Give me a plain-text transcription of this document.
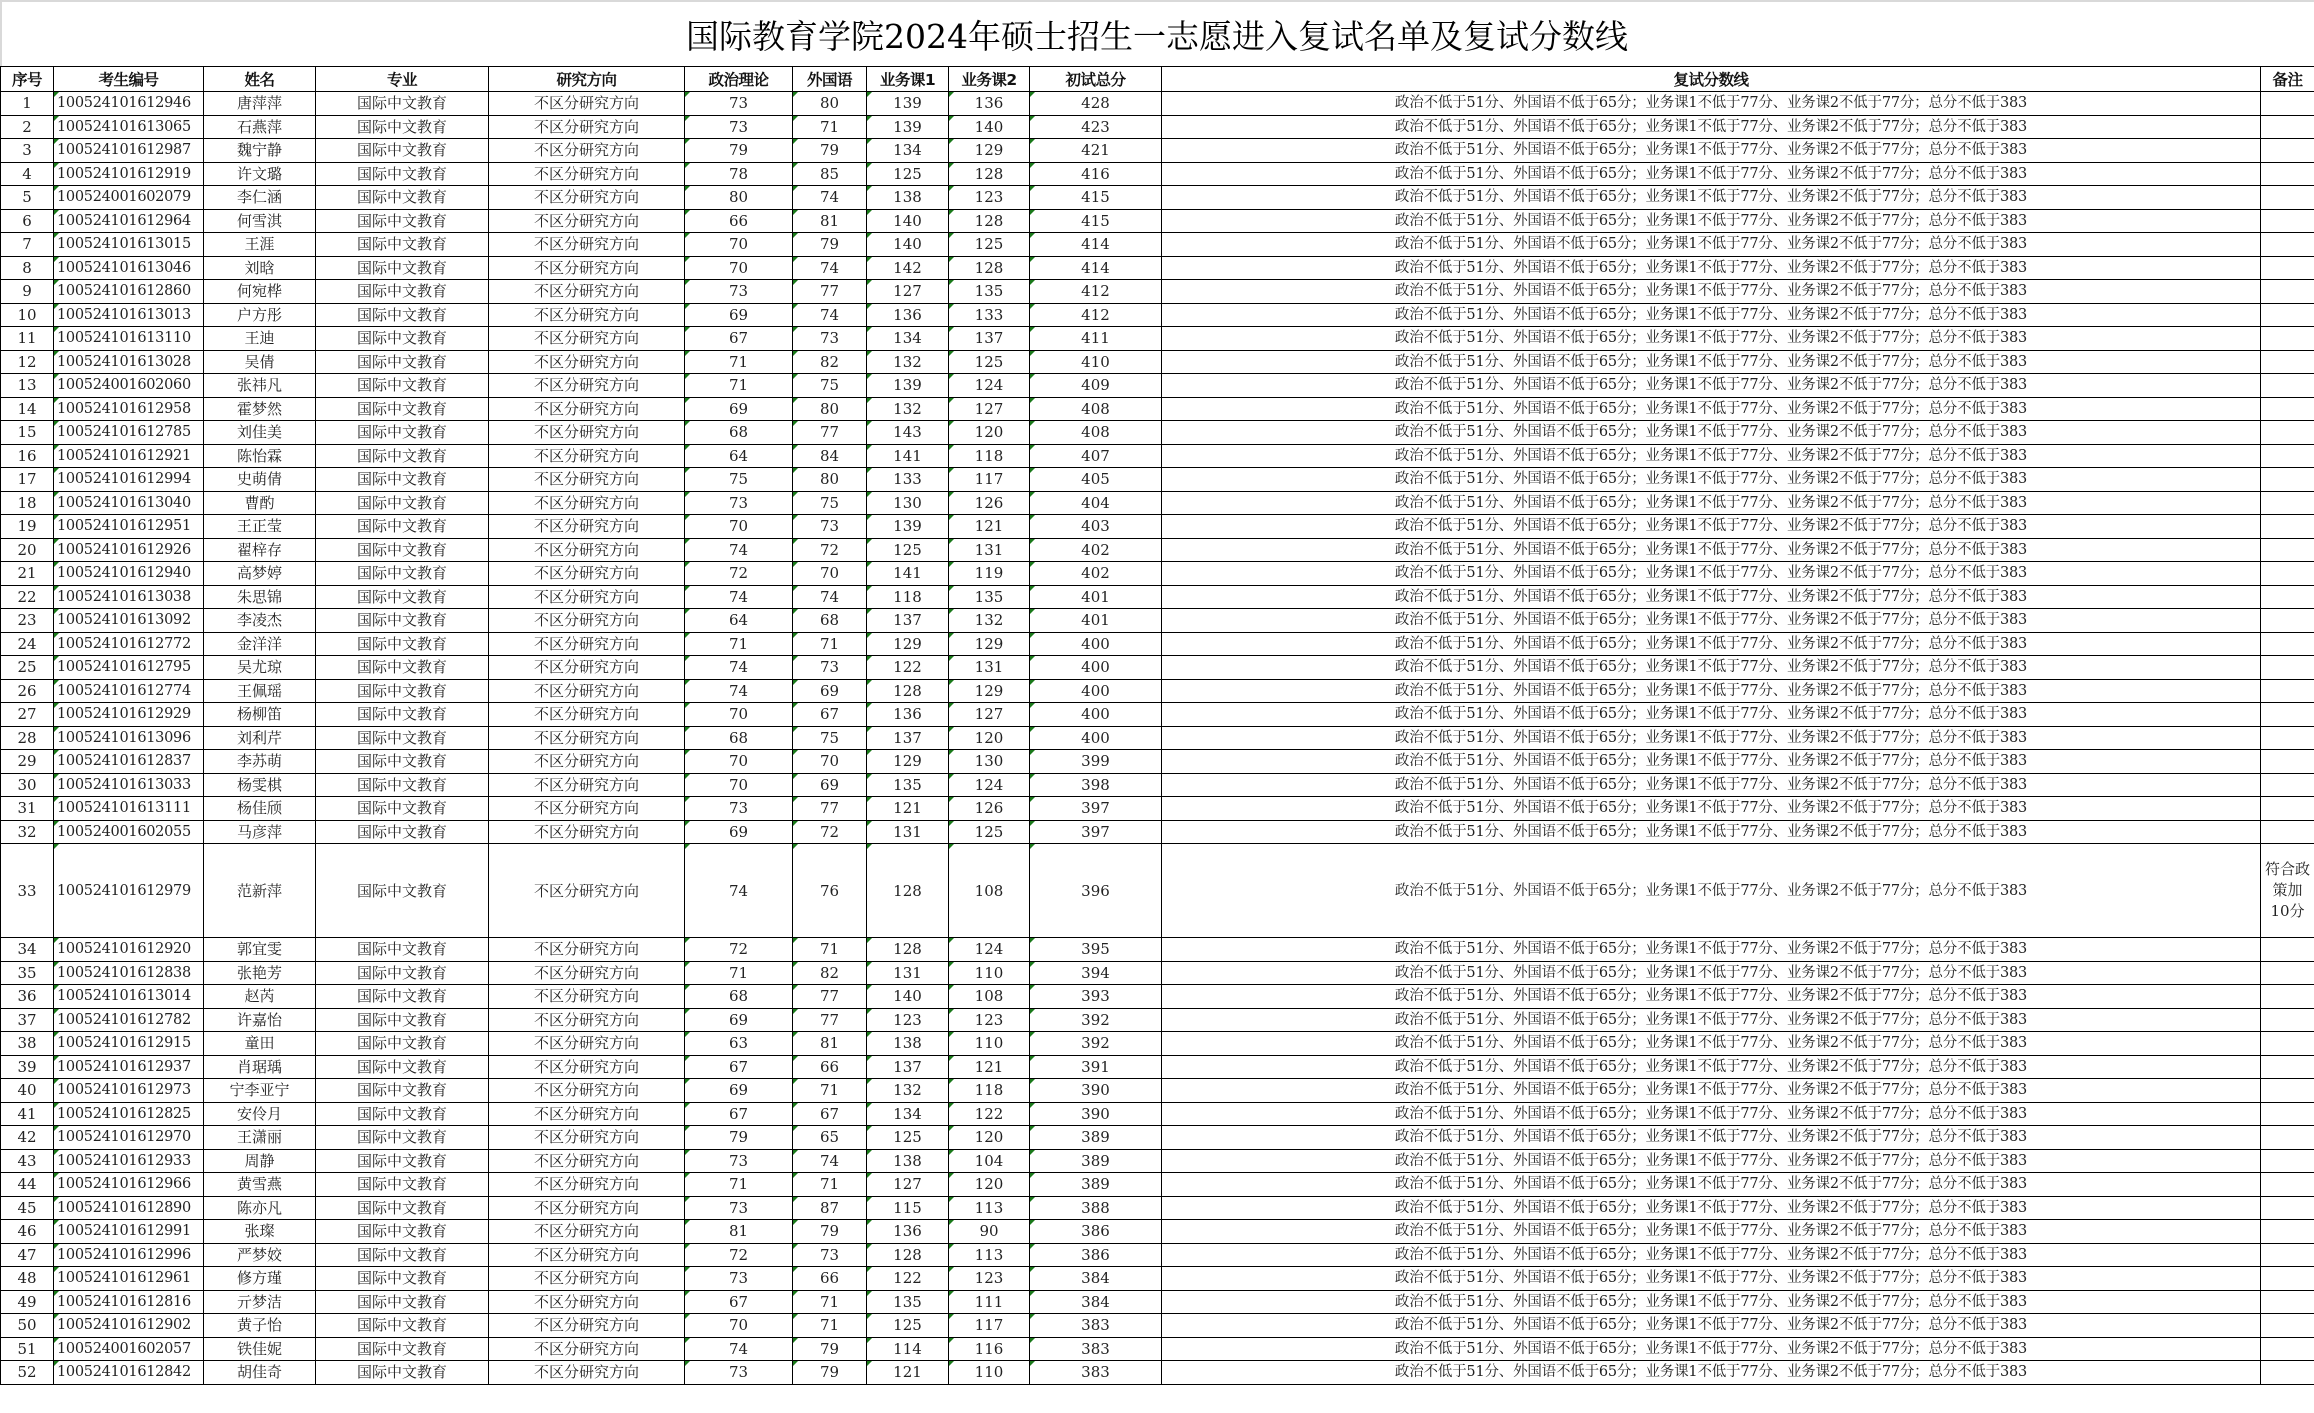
国际教育学院2024年硕士招生一志愿进入复试名单及复试分数线
序号	考生编号	姓名	专业	研究方向	政治理论	外国语	业务课1	业务课2	初试总分	复试分数线	备注
1	100524101612946	唐萍萍	国际中文教育	不区分研究方向	73	80	139	136	428	政治不低于51分、外国语不低于65分；业务课1不低于77分、业务课2不低于77分；总分不低于383	
2	100524101613065	石燕萍	国际中文教育	不区分研究方向	73	71	139	140	423	政治不低于51分、外国语不低于65分；业务课1不低于77分、业务课2不低于77分；总分不低于383	
3	100524101612987	魏宁静	国际中文教育	不区分研究方向	79	79	134	129	421	政治不低于51分、外国语不低于65分；业务课1不低于77分、业务课2不低于77分；总分不低于383	
4	100524101612919	许文璐	国际中文教育	不区分研究方向	78	85	125	128	416	政治不低于51分、外国语不低于65分；业务课1不低于77分、业务课2不低于77分；总分不低于383	
5	100524001602079	李仁涵	国际中文教育	不区分研究方向	80	74	138	123	415	政治不低于51分、外国语不低于65分；业务课1不低于77分、业务课2不低于77分；总分不低于383	
6	100524101612964	何雪淇	国际中文教育	不区分研究方向	66	81	140	128	415	政治不低于51分、外国语不低于65分；业务课1不低于77分、业务课2不低于77分；总分不低于383	
7	100524101613015	王涯	国际中文教育	不区分研究方向	70	79	140	125	414	政治不低于51分、外国语不低于65分；业务课1不低于77分、业务课2不低于77分；总分不低于383	
8	100524101613046	刘晗	国际中文教育	不区分研究方向	70	74	142	128	414	政治不低于51分、外国语不低于65分；业务课1不低于77分、业务课2不低于77分；总分不低于383	
9	100524101612860	何宛桦	国际中文教育	不区分研究方向	73	77	127	135	412	政治不低于51分、外国语不低于65分；业务课1不低于77分、业务课2不低于77分；总分不低于383	
10	100524101613013	户方彤	国际中文教育	不区分研究方向	69	74	136	133	412	政治不低于51分、外国语不低于65分；业务课1不低于77分、业务课2不低于77分；总分不低于383	
11	100524101613110	王迪	国际中文教育	不区分研究方向	67	73	134	137	411	政治不低于51分、外国语不低于65分；业务课1不低于77分、业务课2不低于77分；总分不低于383	
12	100524101613028	吴倩	国际中文教育	不区分研究方向	71	82	132	125	410	政治不低于51分、外国语不低于65分；业务课1不低于77分、业务课2不低于77分；总分不低于383	
13	100524001602060	张祎凡	国际中文教育	不区分研究方向	71	75	139	124	409	政治不低于51分、外国语不低于65分；业务课1不低于77分、业务课2不低于77分；总分不低于383	
14	100524101612958	霍梦然	国际中文教育	不区分研究方向	69	80	132	127	408	政治不低于51分、外国语不低于65分；业务课1不低于77分、业务课2不低于77分；总分不低于383	
15	100524101612785	刘佳美	国际中文教育	不区分研究方向	68	77	143	120	408	政治不低于51分、外国语不低于65分；业务课1不低于77分、业务课2不低于77分；总分不低于383	
16	100524101612921	陈怡霖	国际中文教育	不区分研究方向	64	84	141	118	407	政治不低于51分、外国语不低于65分；业务课1不低于77分、业务课2不低于77分；总分不低于383	
17	100524101612994	史萌倩	国际中文教育	不区分研究方向	75	80	133	117	405	政治不低于51分、外国语不低于65分；业务课1不低于77分、业务课2不低于77分；总分不低于383	
18	100524101613040	曹酌	国际中文教育	不区分研究方向	73	75	130	126	404	政治不低于51分、外国语不低于65分；业务课1不低于77分、业务课2不低于77分；总分不低于383	
19	100524101612951	王正莹	国际中文教育	不区分研究方向	70	73	139	121	403	政治不低于51分、外国语不低于65分；业务课1不低于77分、业务课2不低于77分；总分不低于383	
20	100524101612926	翟梓存	国际中文教育	不区分研究方向	74	72	125	131	402	政治不低于51分、外国语不低于65分；业务课1不低于77分、业务课2不低于77分；总分不低于383	
21	100524101612940	高梦婷	国际中文教育	不区分研究方向	72	70	141	119	402	政治不低于51分、外国语不低于65分；业务课1不低于77分、业务课2不低于77分；总分不低于383	
22	100524101613038	朱思锦	国际中文教育	不区分研究方向	74	74	118	135	401	政治不低于51分、外国语不低于65分；业务课1不低于77分、业务课2不低于77分；总分不低于383	
23	100524101613092	李凌杰	国际中文教育	不区分研究方向	64	68	137	132	401	政治不低于51分、外国语不低于65分；业务课1不低于77分、业务课2不低于77分；总分不低于383	
24	100524101612772	金洋洋	国际中文教育	不区分研究方向	71	71	129	129	400	政治不低于51分、外国语不低于65分；业务课1不低于77分、业务课2不低于77分；总分不低于383	
25	100524101612795	吴尤琼	国际中文教育	不区分研究方向	74	73	122	131	400	政治不低于51分、外国语不低于65分；业务课1不低于77分、业务课2不低于77分；总分不低于383	
26	100524101612774	王佩瑶	国际中文教育	不区分研究方向	74	69	128	129	400	政治不低于51分、外国语不低于65分；业务课1不低于77分、业务课2不低于77分；总分不低于383	
27	100524101612929	杨柳笛	国际中文教育	不区分研究方向	70	67	136	127	400	政治不低于51分、外国语不低于65分；业务课1不低于77分、业务课2不低于77分；总分不低于383	
28	100524101613096	刘利芹	国际中文教育	不区分研究方向	68	75	137	120	400	政治不低于51分、外国语不低于65分；业务课1不低于77分、业务课2不低于77分；总分不低于383	
29	100524101612837	李苏萌	国际中文教育	不区分研究方向	70	70	129	130	399	政治不低于51分、外国语不低于65分；业务课1不低于77分、业务课2不低于77分；总分不低于383	
30	100524101613033	杨雯棋	国际中文教育	不区分研究方向	70	69	135	124	398	政治不低于51分、外国语不低于65分；业务课1不低于77分、业务课2不低于77分；总分不低于383	
31	100524101613111	杨佳颀	国际中文教育	不区分研究方向	73	77	121	126	397	政治不低于51分、外国语不低于65分；业务课1不低于77分、业务课2不低于77分；总分不低于383	
32	100524001602055	马彦萍	国际中文教育	不区分研究方向	69	72	131	125	397	政治不低于51分、外国语不低于65分；业务课1不低于77分、业务课2不低于77分；总分不低于383	
33	100524101612979	范新萍	国际中文教育	不区分研究方向	74	76	128	108	396	政治不低于51分、外国语不低于65分；业务课1不低于77分、业务课2不低于77分；总分不低于383	符合政策加10分
34	100524101612920	郭宜雯	国际中文教育	不区分研究方向	72	71	128	124	395	政治不低于51分、外国语不低于65分；业务课1不低于77分、业务课2不低于77分；总分不低于383	
35	100524101612838	张艳芳	国际中文教育	不区分研究方向	71	82	131	110	394	政治不低于51分、外国语不低于65分；业务课1不低于77分、业务课2不低于77分；总分不低于383	
36	100524101613014	赵芮	国际中文教育	不区分研究方向	68	77	140	108	393	政治不低于51分、外国语不低于65分；业务课1不低于77分、业务课2不低于77分；总分不低于383	
37	100524101612782	许嘉怡	国际中文教育	不区分研究方向	69	77	123	123	392	政治不低于51分、外国语不低于65分；业务课1不低于77分、业务课2不低于77分；总分不低于383	
38	100524101612915	童田	国际中文教育	不区分研究方向	63	81	138	110	392	政治不低于51分、外国语不低于65分；业务课1不低于77分、业务课2不低于77分；总分不低于383	
39	100524101612937	肖琚瑀	国际中文教育	不区分研究方向	67	66	137	121	391	政治不低于51分、外国语不低于65分；业务课1不低于77分、业务课2不低于77分；总分不低于383	
40	100524101612973	宁李亚宁	国际中文教育	不区分研究方向	69	71	132	118	390	政治不低于51分、外国语不低于65分；业务课1不低于77分、业务课2不低于77分；总分不低于383	
41	100524101612825	安伶月	国际中文教育	不区分研究方向	67	67	134	122	390	政治不低于51分、外国语不低于65分；业务课1不低于77分、业务课2不低于77分；总分不低于383	
42	100524101612970	王潇丽	国际中文教育	不区分研究方向	79	65	125	120	389	政治不低于51分、外国语不低于65分；业务课1不低于77分、业务课2不低于77分；总分不低于383	
43	100524101612933	周静	国际中文教育	不区分研究方向	73	74	138	104	389	政治不低于51分、外国语不低于65分；业务课1不低于77分、业务课2不低于77分；总分不低于383	
44	100524101612966	黄雪燕	国际中文教育	不区分研究方向	71	71	127	120	389	政治不低于51分、外国语不低于65分；业务课1不低于77分、业务课2不低于77分；总分不低于383	
45	100524101612890	陈亦凡	国际中文教育	不区分研究方向	73	87	115	113	388	政治不低于51分、外国语不低于65分；业务课1不低于77分、业务课2不低于77分；总分不低于383	
46	100524101612991	张璨	国际中文教育	不区分研究方向	81	79	136	90	386	政治不低于51分、外国语不低于65分；业务课1不低于77分、业务课2不低于77分；总分不低于383	
47	100524101612996	严梦姣	国际中文教育	不区分研究方向	72	73	128	113	386	政治不低于51分、外国语不低于65分；业务课1不低于77分、业务课2不低于77分；总分不低于383	
48	100524101612961	修方瑾	国际中文教育	不区分研究方向	73	66	122	123	384	政治不低于51分、外国语不低于65分；业务课1不低于77分、业务课2不低于77分；总分不低于383	
49	100524101612816	亓梦洁	国际中文教育	不区分研究方向	67	71	135	111	384	政治不低于51分、外国语不低于65分；业务课1不低于77分、业务课2不低于77分；总分不低于383	
50	100524101612902	黄子怡	国际中文教育	不区分研究方向	70	71	125	117	383	政治不低于51分、外国语不低于65分；业务课1不低于77分、业务课2不低于77分；总分不低于383	
51	100524001602057	铁佳妮	国际中文教育	不区分研究方向	74	79	114	116	383	政治不低于51分、外国语不低于65分；业务课1不低于77分、业务课2不低于77分；总分不低于383	
52	100524101612842	胡佳奇	国际中文教育	不区分研究方向	73	79	121	110	383	政治不低于51分、外国语不低于65分；业务课1不低于77分、业务课2不低于77分；总分不低于383	
